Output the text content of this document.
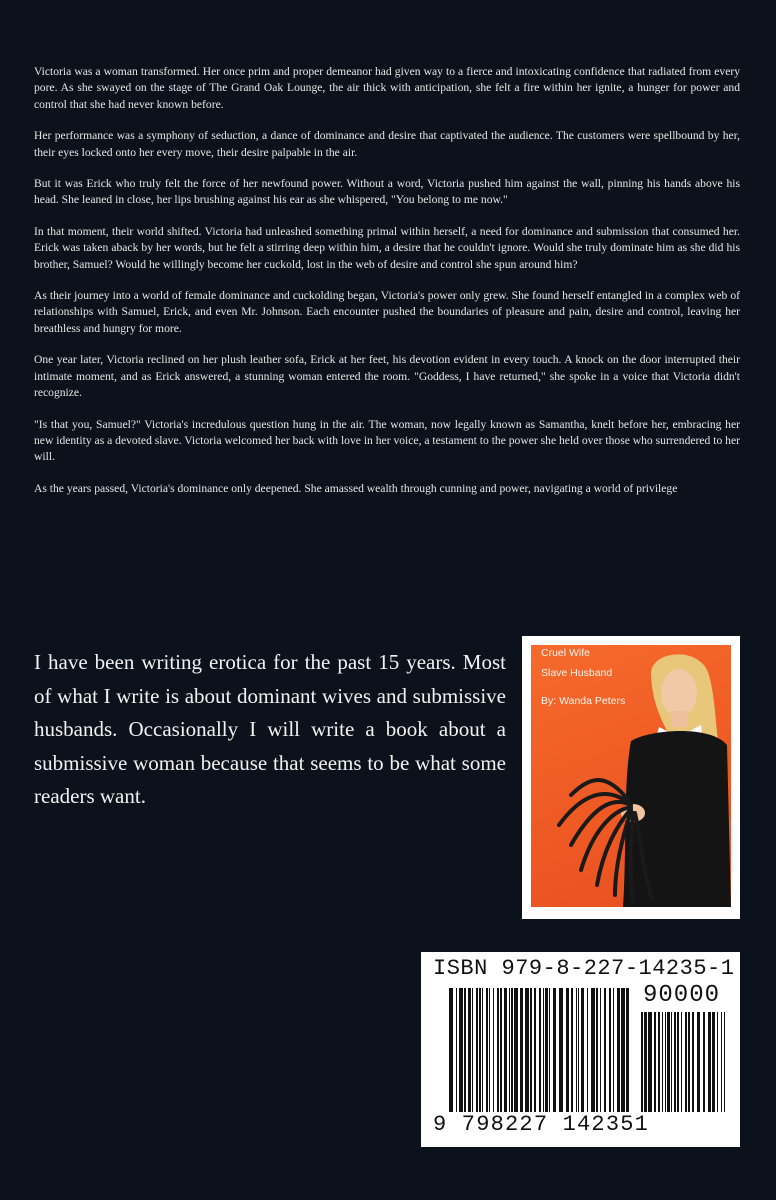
Victoria was a woman transformed. Her once prim and proper demeanor had given way to a fierce and intoxicating confidence that radiated from every pore. As she swayed on the stage of The Grand Oak Lounge, the air thick with anticipation, she felt a fire within her ignite, a hunger for power and control that she had never known before.

Her performance was a symphony of seduction, a dance of dominance and desire that captivated the audience. The customers were spellbound by her, their eyes locked onto her every move, their desire palpable in the air.

But it was Erick who truly felt the force of her newfound power. Without a word, Victoria pushed him against the wall, pinning his hands above his head. She leaned in close, her lips brushing against his ear as she whispered, "You belong to me now."

In that moment, their world shifted. Victoria had unleashed something primal within herself, a need for dominance and submission that consumed her. Erick was taken aback by her words, but he felt a stirring deep within him, a desire that he couldn't ignore. Would she truly dominate him as she did his brother, Samuel? Would he willingly become her cuckold, lost in the web of desire and control she spun around him?

As their journey into a world of female dominance and cuckolding began, Victoria's power only grew. She found herself entangled in a complex web of relationships with Samuel, Erick, and even Mr. Johnson. Each encounter pushed the boundaries of pleasure and pain, desire and control, leaving her breathless and hungry for more.

One year later, Victoria reclined on her plush leather sofa, Erick at her feet, his devotion evident in every touch. A knock on the door interrupted their intimate moment, and as Erick answered, a stunning woman entered the room. "Goddess, I have returned," she spoke in a voice that Victoria didn't recognize.

"Is that you, Samuel?" Victoria's incredulous question hung in the air. The woman, now legally known as Samantha, knelt before her, embracing her new identity as a devoted slave. Victoria welcomed her back with love in her voice, a testament to the power she held over those who surrendered to her will.

As the years passed, Victoria's dominance only deepened. She amassed wealth through cunning and power, navigating a world of privilege

I have been writing erotica for the past 15 years. Most of what I write is about dominant wives and submissive husbands. Occasionally I will write a book about a submissive woman because that seems to be what some readers want.
Cruel Wife
Slave Husband
By: Wanda Peters
ISBN 979-8-227-14235-1
90000
9 798227 142351
